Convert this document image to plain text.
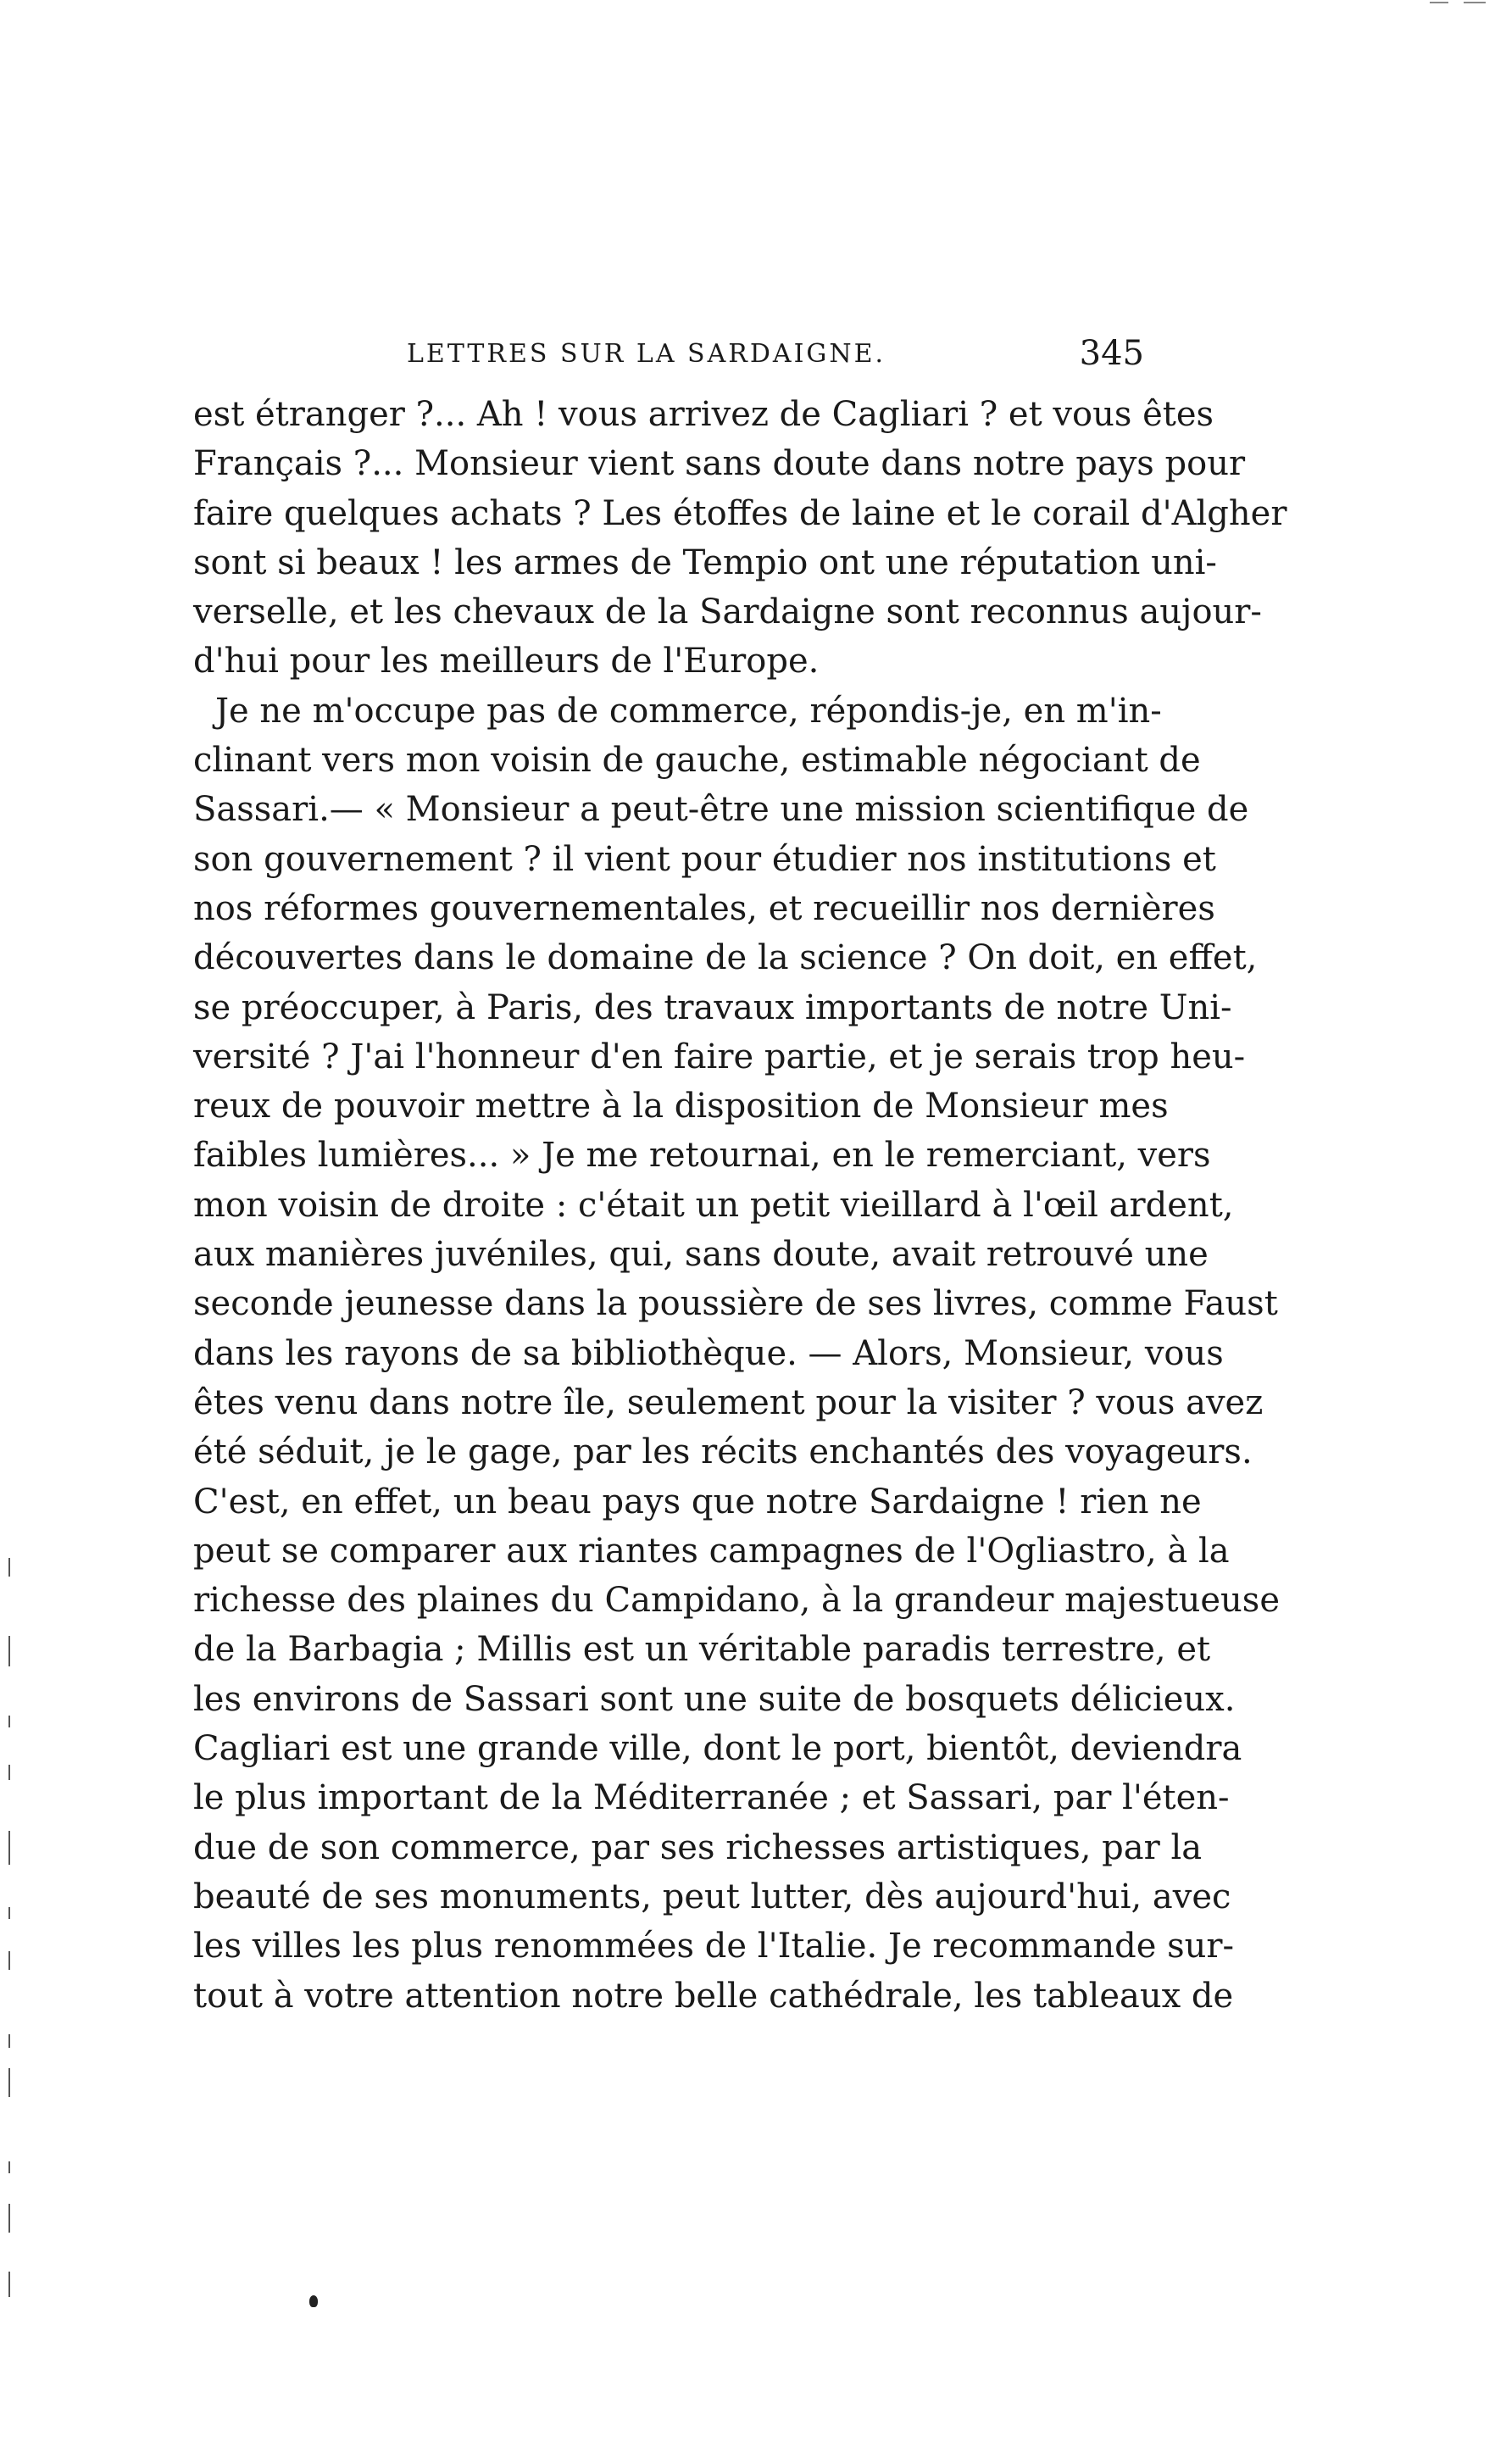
LETTRES SUR LA SARDAIGNE.	345
est étranger ?... Ah ! vous arrivez de Cagliari ? et vous êtes
Français ?... Monsieur vient sans doute dans notre pays pour
faire quelques achats ? Les étoffes de laine et le corail d'Algher
sont si beaux ! les armes de Tempio ont une réputation uni-
verselle, et les chevaux de la Sardaigne sont reconnus aujour-
d'hui pour les meilleurs de l'Europe.
Je ne m'occupe pas de commerce, répondis-je, en m'in-
clinant vers mon voisin de gauche, estimable négociant de
Sassari.— « Monsieur a peut-être une mission scientifique de
son gouvernement ? il vient pour étudier nos institutions et
nos réformes gouvernementales, et recueillir nos dernières
découvertes dans le domaine de la science ? On doit, en effet,
se préoccuper, à Paris, des travaux importants de notre Uni-
versité ? J'ai l'honneur d'en faire partie, et je serais trop heu-
reux de pouvoir mettre à la disposition de Monsieur mes
faibles lumières... » Je me retournai, en le remerciant, vers
mon voisin de droite : c'était un petit vieillard à l'œil ardent,
aux manières juvéniles, qui, sans doute, avait retrouvé une
seconde jeunesse dans la poussière de ses livres, comme Faust
dans les rayons de sa bibliothèque. — Alors, Monsieur, vous
êtes venu dans notre île, seulement pour la visiter ? vous avez
été séduit, je le gage, par les récits enchantés des voyageurs.
C'est, en effet, un beau pays que notre Sardaigne ! rien ne
peut se comparer aux riantes campagnes de l'Ogliastro, à la
richesse des plaines du Campidano, à la grandeur majestueuse
de la Barbagia ; Millis est un véritable paradis terrestre, et
les environs de Sassari sont une suite de bosquets délicieux.
Cagliari est une grande ville, dont le port, bientôt, deviendra
le plus important de la Méditerranée ; et Sassari, par l'éten-
due de son commerce, par ses richesses artistiques, par la
beauté de ses monuments, peut lutter, dès aujourd'hui, avec
les villes les plus renommées de l'Italie. Je recommande sur-
tout à votre attention notre belle cathédrale, les tableaux de
